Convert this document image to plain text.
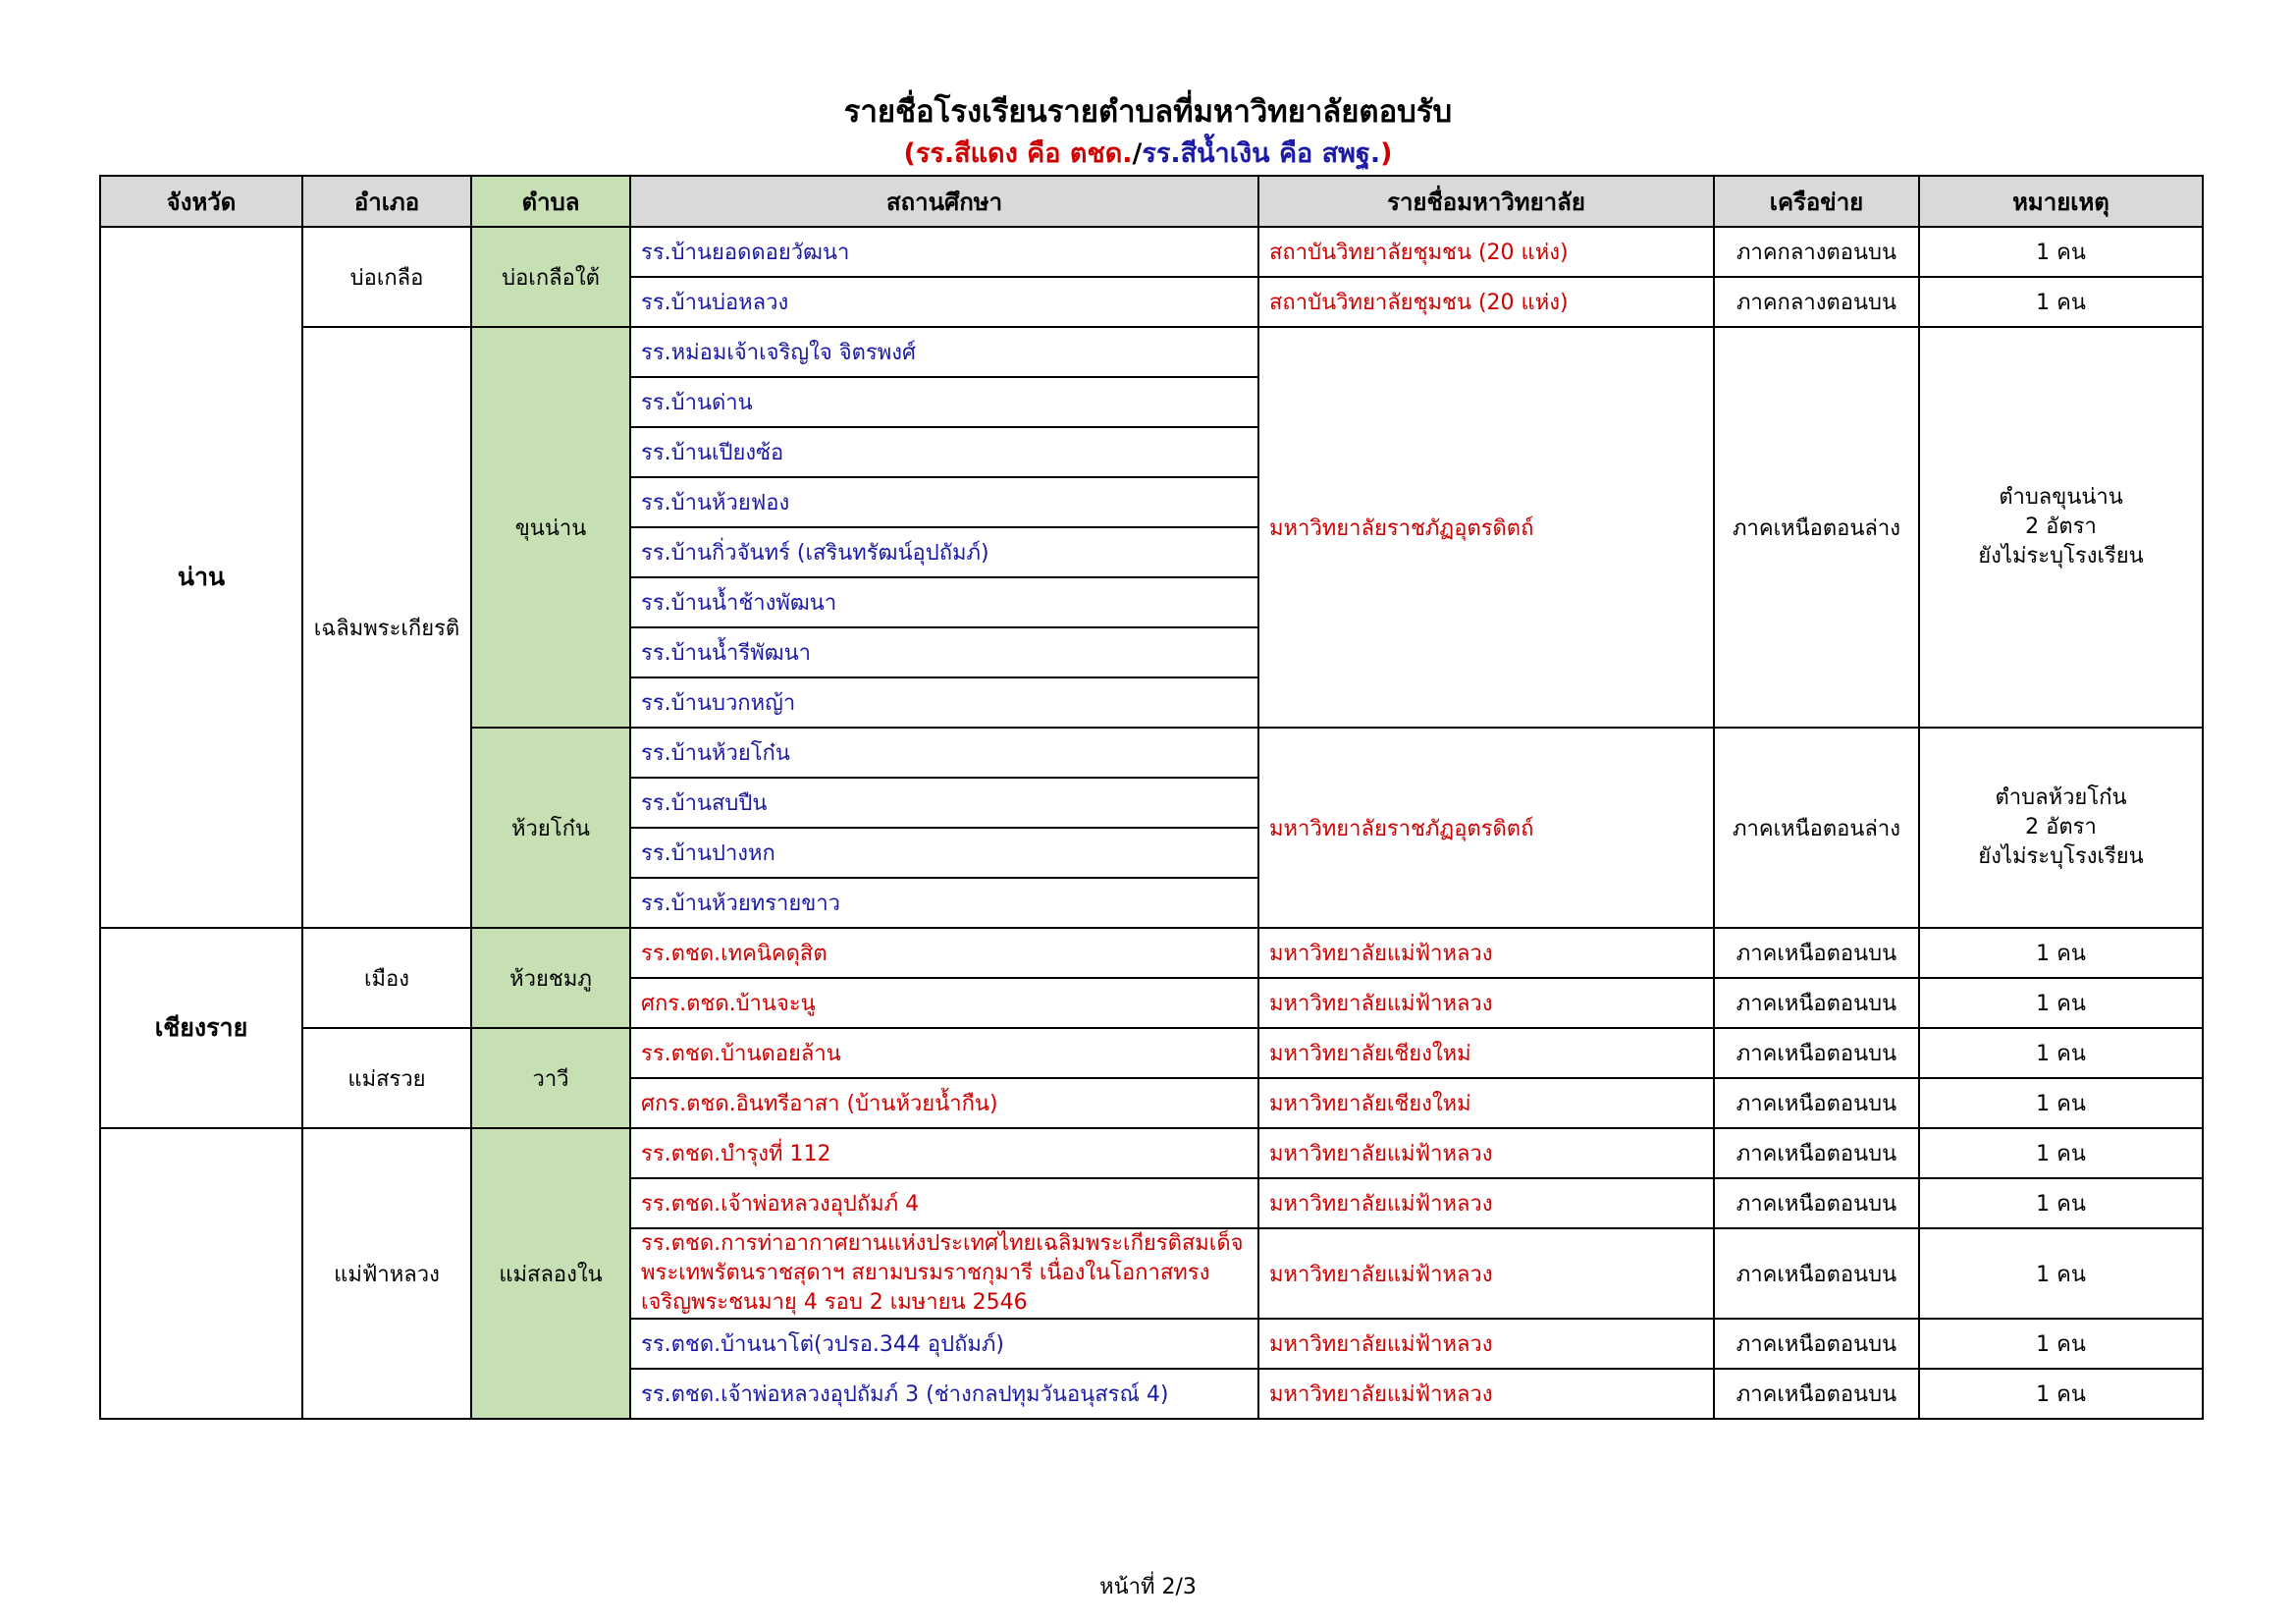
รายชื่อโรงเรียนรายตำบลที่มหาวิทยาลัยตอบรับ
(รร.สีแดง คือ ตชด./รร.สีน้ำเงิน คือ สพฐ.)
จังหวัด	อำเภอ	ตำบล	สถานศึกษา	รายชื่อมหาวิทยาลัย	เครือข่าย	หมายเหตุ
น่าน	บ่อเกลือ	บ่อเกลือใต้	รร.บ้านยอดดอยวัฒนา	สถาบันวิทยาลัยชุมชน (20 แห่ง)	ภาคกลางตอนบน	1 คน
			รร.บ้านบ่อหลวง	สถาบันวิทยาลัยชุมชน (20 แห่ง)	ภาคกลางตอนบน	1 คน
	เฉลิมพระเกียรติ	ขุนน่าน	รร.หม่อมเจ้าเจริญใจ จิตรพงศ์	มหาวิทยาลัยราชภัฏอุตรดิตถ์	ภาคเหนือตอนล่าง	ตำบลขุนน่าน
2 อัตรา
ยังไม่ระบุโรงเรียน

			รร.บ้านด่าน			
			รร.บ้านเปียงซ้อ			
			รร.บ้านห้วยฟอง			
			รร.บ้านกิ่วจันทร์ (เสรินทรัฒน์อุปถัมภ์)			
			รร.บ้านน้ำช้างพัฒนา			
			รร.บ้านน้ำรีพัฒนา			
			รร.บ้านบวกหญ้า			
		ห้วยโก๋น	รร.บ้านห้วยโก๋น	มหาวิทยาลัยราชภัฏอุตรดิตถ์	ภาคเหนือตอนล่าง	ตำบลห้วยโก๋น
2 อัตรา
ยังไม่ระบุโรงเรียน

			รร.บ้านสบปืน			
			รร.บ้านปางหก			
			รร.บ้านห้วยทรายขาว			
เชียงราย	เมือง	ห้วยชมภู	รร.ตชด.เทคนิคดุสิต	มหาวิทยาลัยแม่ฟ้าหลวง	ภาคเหนือตอนบน	1 คน
			ศกร.ตชด.บ้านจะนู	มหาวิทยาลัยแม่ฟ้าหลวง	ภาคเหนือตอนบน	1 คน
	แม่สรวย	วาวี	รร.ตชด.บ้านดอยล้าน	มหาวิทยาลัยเชียงใหม่	ภาคเหนือตอนบน	1 คน
			ศกร.ตชด.อินทรีอาสา (บ้านห้วยน้ำกืน)	มหาวิทยาลัยเชียงใหม่	ภาคเหนือตอนบน	1 คน
	แม่ฟ้าหลวง	แม่สลองใน	รร.ตชด.บำรุงที่ 112	มหาวิทยาลัยแม่ฟ้าหลวง	ภาคเหนือตอนบน	1 คน
			รร.ตชด.เจ้าพ่อหลวงอุปถัมภ์ 4	มหาวิทยาลัยแม่ฟ้าหลวง	ภาคเหนือตอนบน	1 คน
			รร.ตชด.การท่าอากาศยานแห่งประเทศไทยเฉลิมพระเกียรติสมเด็จพระเทพรัตนราชสุดาฯ สยามบรมราชกุมารี เนื่องในโอกาสทรงเจริญพระชนมายุ 4 รอบ 2 เมษายน 2546	มหาวิทยาลัยแม่ฟ้าหลวง	ภาคเหนือตอนบน	1 คน
			รร.ตชด.บ้านนาโต่(วปรอ.344 อุปถัมภ์)	มหาวิทยาลัยแม่ฟ้าหลวง	ภาคเหนือตอนบน	1 คน
			รร.ตชด.เจ้าพ่อหลวงอุปถัมภ์ 3 (ช่างกลปทุมวันอนุสรณ์ 4)	มหาวิทยาลัยแม่ฟ้าหลวง	ภาคเหนือตอนบน	1 คน
หน้าที่ 2/3
